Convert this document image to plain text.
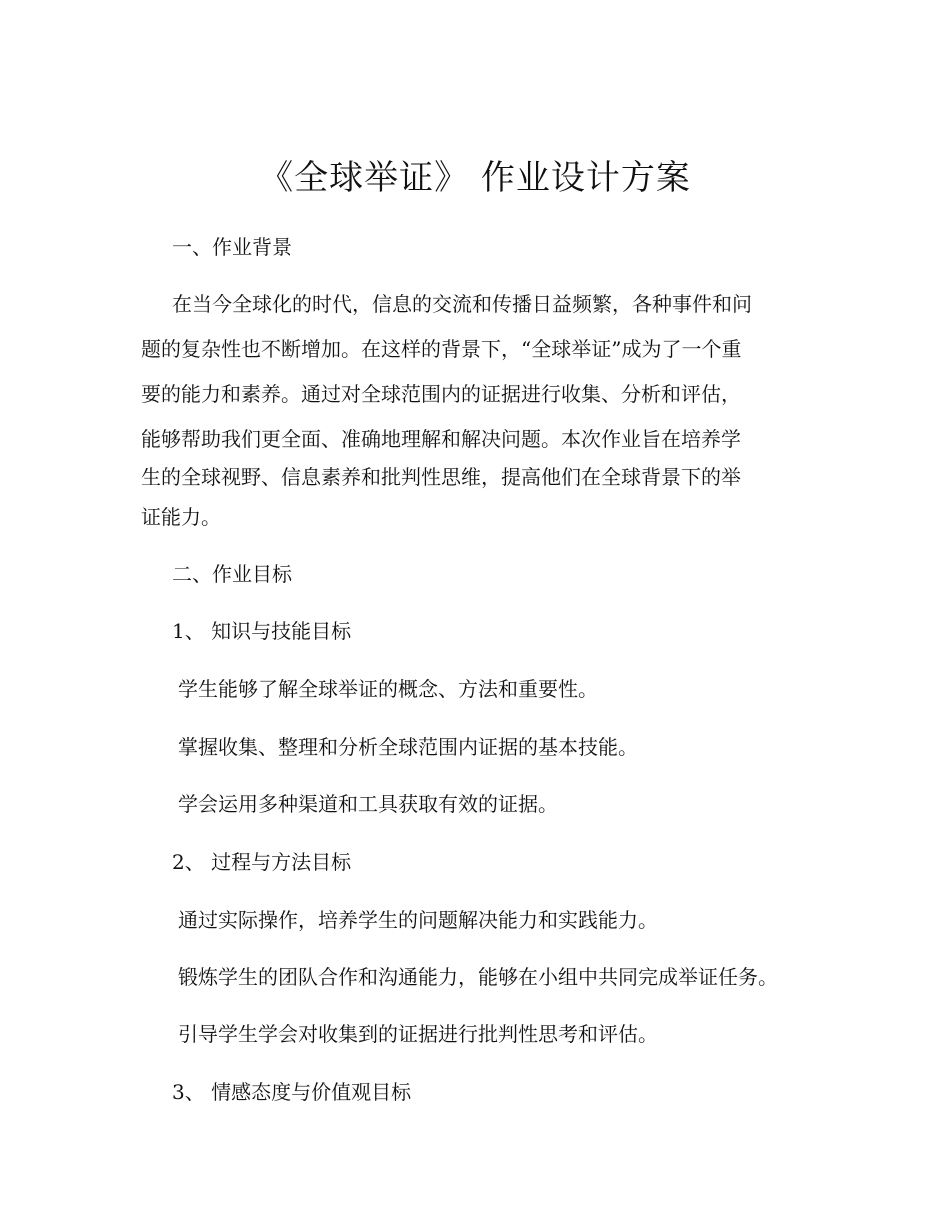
《全球举证》 作业设计方案

一、作业背景

在当今全球化的时代，信息的交流和传播日益频繁，各种事件和问

题的复杂性也不断增加。在这样的背景下，“全球举证”成为了一个重

要的能力和素养。通过对全球范围内的证据进行收集、分析和评估，

能够帮助我们更全面、准确地理解和解决问题。本次作业旨在培养学

生的全球视野、信息素养和批判性思维，提高他们在全球背景下的举

证能力。

二、作业目标

1、 知识与技能目标

学生能够了解全球举证的概念、方法和重要性。

掌握收集、整理和分析全球范围内证据的基本技能。

学会运用多种渠道和工具获取有效的证据。

2、 过程与方法目标

通过实际操作，培养学生的问题解决能力和实践能力。

锻炼学生的团队合作和沟通能力，能够在小组中共同完成举证任务。

引导学生学会对收集到的证据进行批判性思考和评估。

3、 情感态度与价值观目标
